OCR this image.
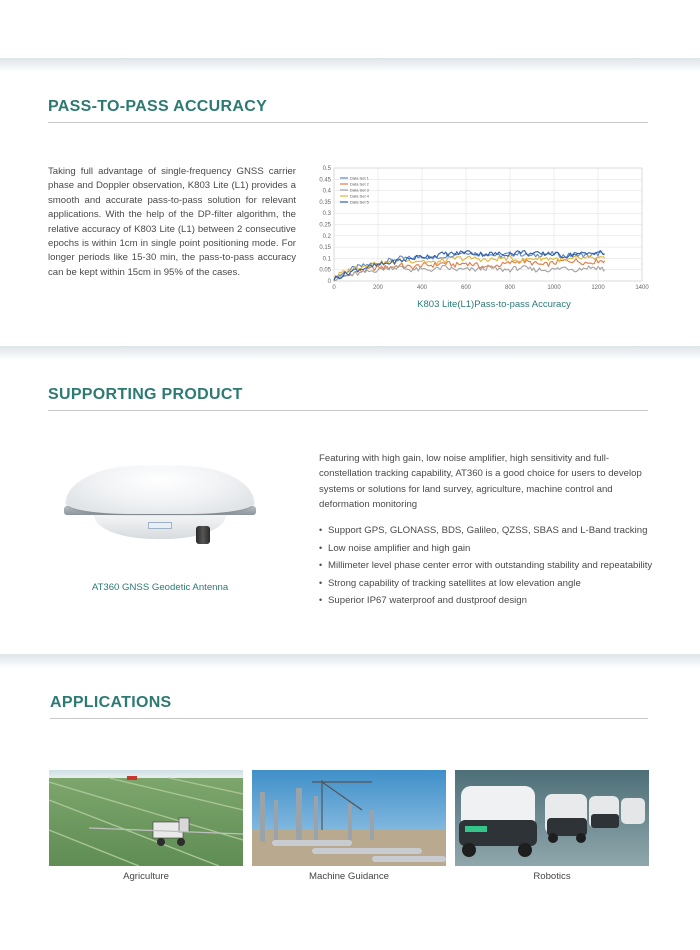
PASS-TO-PASS ACCURACY
Taking full advantage of single-frequency GNSS carrier phase and Doppler observation, K803 Lite (L1) provides a smooth and accurate pass-to-pass solution for relevant applications. With the help of the DP-filter algorithm, the relative accuracy of K803 Lite (L1) between 2 consecutive epochs is within 1cm in single point positioning mode. For longer periods like 15-30 min, the pass-to-pass accuracy can be kept within 15cm in 95% of the cases.
0
0.05
0.1
0.15
0.2
0.25
0.3
0.35
0.4
0.45
0.5
0	200	400	600	800	1000	1200	1400
Data Set 1
Data Set 2
Data Set 3
Data Set 4
Data Set 5
K803 Lite(L1)Pass-to-pass Accuracy
SUPPORTING PRODUCT
AT360 GNSS Geodetic Antenna
Featuring with high gain, low noise amplifier, high sensitivity and full-constellation tracking capability, AT360 is a good choice for users to develop systems or solutions for land survey, agriculture, machine control and deformation monitoring
• Support GPS, GLONASS, BDS, Galileo, QZSS, SBAS and L-Band tracking
• Low noise amplifier and high gain
• Millimeter level phase center error with outstanding stability and repeatability
• Strong capability of tracking satellites at low elevation angle
• Superior IP67 waterproof and dustproof design
APPLICATIONS
Agriculture	Machine Guidance	Robotics
